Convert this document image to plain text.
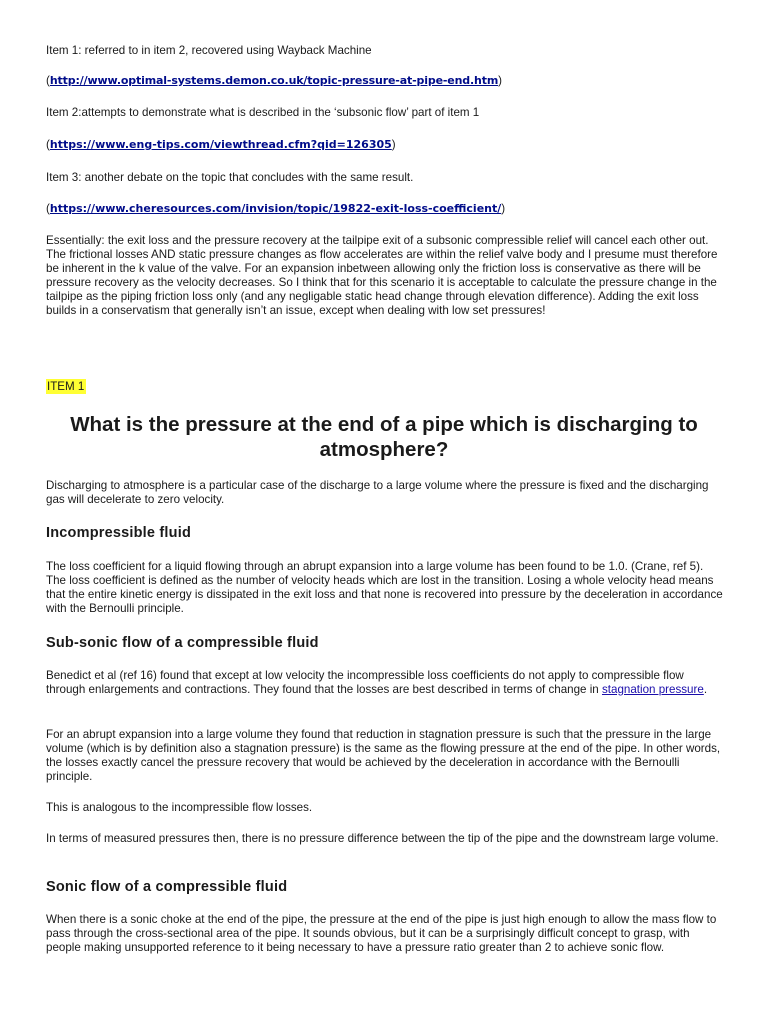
Item 1: referred to in item 2, recovered using Wayback Machine

(http://www.optimal-systems.demon.co.uk/topic-pressure-at-pipe-end.htm)

Item 2:attempts to demonstrate what is described in the ‘subsonic flow’ part of item 1

(https://www.eng-tips.com/viewthread.cfm?qid=126305)

Item 3: another debate on the topic that concludes with the same result.

(https://www.cheresources.com/invision/topic/19822-exit-loss-coefficient/)

Essentially: the exit loss and the pressure recovery at the tailpipe exit of a subsonic compressible relief will cancel each other out. The frictional losses AND static pressure changes as flow accelerates are within the relief valve body and I presume must therefore be inherent in the k value of the valve. For an expansion inbetween allowing only the friction loss is conservative as there will be pressure recovery as the velocity decreases. So I think that for this scenario it is acceptable to calculate the pressure change in the tailpipe as the piping friction loss only (and any negligable static head change through elevation difference). Adding the exit loss builds in a conservatism that generally isn’t an issue, except when dealing with low set pressures!

ITEM 1
What is the pressure at the end of a pipe which is discharging to atmosphere?

Discharging to atmosphere is a particular case of the discharge to a large volume where the pressure is fixed and the discharging gas will decelerate to zero velocity.

Incompressible fluid

The loss coefficient for a liquid flowing through an abrupt expansion into a large volume has been found to be 1.0. (Crane, ref 5). The loss coefficient is defined as the number of velocity heads which are lost in the transition. Losing a whole velocity head means that the entire kinetic energy is dissipated in the exit loss and that none is recovered into pressure by the deceleration in accordance with the Bernoulli principle.

Sub-sonic flow of a compressible fluid

Benedict et al (ref 16) found that except at low velocity the incompressible loss coefficients do not apply to compressible flow through enlargements and contractions. They found that the losses are best described in terms of change in stagnation pressure.

For an abrupt expansion into a large volume they found that reduction in stagnation pressure is such that the pressure in the large volume (which is by definition also a stagnation pressure) is the same as the flowing pressure at the end of the pipe. In other words, the losses exactly cancel the pressure recovery that would be achieved by the deceleration in accordance with the Bernoulli principle.

This is analogous to the incompressible flow losses.

In terms of measured pressures then, there is no pressure difference between the tip of the pipe and the downstream large volume.

Sonic flow of a compressible fluid

When there is a sonic choke at the end of the pipe, the pressure at the end of the pipe is just high enough to allow the mass flow to pass through the cross-sectional area of the pipe. It sounds obvious, but it can be a surprisingly difficult concept to grasp, with people making unsupported reference to it being necessary to have a pressure ratio greater than 2 to achieve sonic flow.
